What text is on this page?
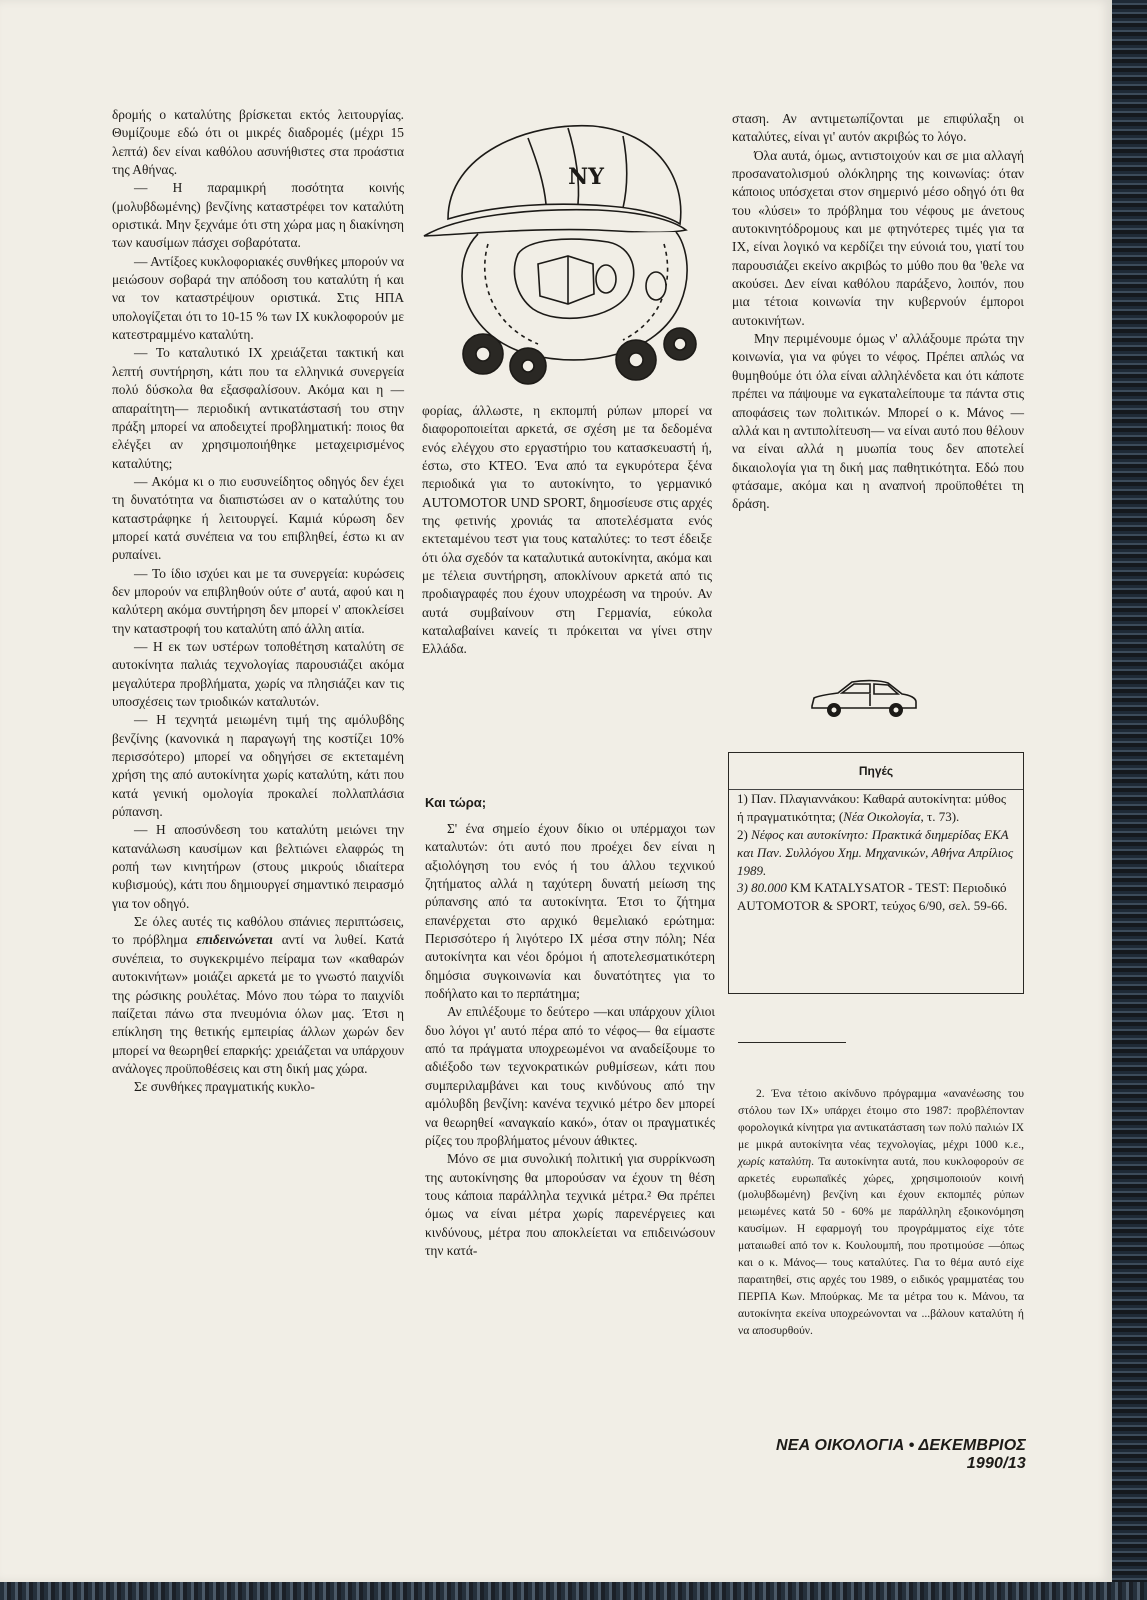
δρομής ο καταλύτης βρίσκεται εκτός λειτουργίας. Θυμίζουμε εδώ ότι οι μικρές διαδρομές (μέχρι 15 λεπτά) δεν είναι καθόλου ασυνήθιστες στα προάστια της Αθήνας.

— Η παραμικρή ποσότητα κοινής (μολυβδωμένης) βενζίνης καταστρέφει τον καταλύτη οριστικά. Μην ξεχνάμε ότι στη χώρα μας η διακίνηση των καυσίμων πάσχει σοβαρότατα.

— Αντίξοες κυκλοφοριακές συνθήκες μπορούν να μειώσουν σοβαρά την απόδοση του καταλύτη ή και να τον καταστρέψουν οριστικά. Στις ΗΠΑ υπολογίζεται ότι το 10-15 % των ΙΧ κυκλοφορούν με κατεστραμμένο καταλύτη.

— Το καταλυτικό ΙΧ χρειάζεται τακτική και λεπτή συντήρηση, κάτι που τα ελληνικά συνεργεία πολύ δύσκολα θα εξασφαλίσουν. Ακόμα και η —απαραίτητη— περιοδική αντικατάστασή του στην πράξη μπορεί να αποδειχτεί προβληματική: ποιος θα ελέγξει αν χρησιμοποιήθηκε μεταχειρισμένος καταλύτης;

— Ακόμα κι ο πιο ευσυνείδητος οδηγός δεν έχει τη δυνατότητα να διαπιστώσει αν ο καταλύτης του καταστράφηκε ή λειτουργεί. Καμιά κύρωση δεν μπορεί κατά συνέπεια να του επιβληθεί, έστω κι αν ρυπαίνει.

— Το ίδιο ισχύει και με τα συνεργεία: κυρώσεις δεν μπορούν να επιβληθούν ούτε σ' αυτά, αφού και η καλύτερη ακόμα συντήρηση δεν μπορεί ν' αποκλείσει την καταστροφή του καταλύτη από άλλη αιτία.

— Η εκ των υστέρων τοποθέτηση καταλύτη σε αυτοκίνητα παλιάς τεχνολογίας παρουσιάζει ακόμα μεγαλύτερα προβλήματα, χωρίς να πλησιάζει καν τις υποσχέσεις των τριοδικών καταλυτών.

— Η τεχνητά μειωμένη τιμή της αμόλυβδης βενζίνης (κανονικά η παραγωγή της κοστίζει 10% περισσότερο) μπορεί να οδηγήσει σε εκτεταμένη χρήση της από αυτοκίνητα χωρίς καταλύτη, κάτι που κατά γενική ομολογία προκαλεί πολλαπλάσια ρύπανση.

— Η αποσύνδεση του καταλύτη μειώνει την κατανάλωση καυσίμων και βελτιώνει ελαφρώς τη ροπή των κινητήρων (στους μικρούς ιδιαίτερα κυβισμούς), κάτι που δημιουργεί σημαντικό πειρασμό για τον οδηγό.

Σε όλες αυτές τις καθόλου σπάνιες περιπτώσεις, το πρόβλημα επιδεινώνεται αντί να λυθεί. Κατά συνέπεια, το συγκεκριμένο πείραμα των «καθαρών αυτοκινήτων» μοιάζει αρκετά με το γνωστό παιχνίδι της ρώσικης ρουλέτας. Μόνο που τώρα το παιχνίδι παίζεται πάνω στα πνευμόνια όλων μας. Έτσι η επίκληση της θετικής εμπειρίας άλλων χωρών δεν μπορεί να θεωρηθεί επαρκής: χρειάζεται να υπάρχουν ανάλογες προϋποθέσεις και στη δική μας χώρα.

Σε συνθήκες πραγματικής κυκλο-

NY

φορίας, άλλωστε, η εκπομπή ρύπων μπορεί να διαφοροποιείται αρκετά, σε σχέση με τα δεδομένα ενός ελέγχου στο εργαστήριο του κατασκευαστή ή, έστω, στο ΚΤΕΟ. Ένα από τα εγκυρότερα ξένα περιοδικά για το αυτοκίνητο, το γερμανικό AUTOMOTOR UND SPORT, δημοσίευσε στις αρχές της φετινής χρονιάς τα αποτελέσματα ενός εκτεταμένου τεστ για τους καταλύτες: το τεστ έδειξε ότι όλα σχεδόν τα καταλυτικά αυτοκίνητα, ακόμα και με τέλεια συντήρηση, αποκλίνουν αρκετά από τις προδιαγραφές που έχουν υποχρέωση να τηρούν. Αν αυτά συμβαίνουν στη Γερμανία, εύκολα καταλαβαίνει κανείς τι πρόκειται να γίνει στην Ελλάδα.

Και τώρα;

Σ' ένα σημείο έχουν δίκιο οι υπέρμαχοι των καταλυτών: ότι αυτό που προέχει δεν είναι η αξιολόγηση του ενός ή του άλλου τεχνικού ζητήματος αλλά η ταχύτερη δυνατή μείωση της ρύπανσης από τα αυτοκίνητα. Έτσι το ζήτημα επανέρχεται στο αρχικό θεμελιακό ερώτημα: Περισσότερο ή λιγότερο ΙΧ μέσα στην πόλη; Νέα αυτοκίνητα και νέοι δρόμοι ή αποτελεσματικότερη δημόσια συγκοινωνία και δυνατότητες για το ποδήλατο και το περπάτημα;

Αν επιλέξουμε το δεύτερο —και υπάρχουν χίλιοι δυο λόγοι γι' αυτό πέρα από το νέφος— θα είμαστε από τα πράγματα υποχρεωμένοι να αναδείξουμε το αδιέξοδο των τεχνοκρατικών ρυθμίσεων, κάτι που συμπεριλαμβάνει και τους κινδύνους από την αμόλυβδη βενζίνη: κανένα τεχνικό μέτρο δεν μπορεί να θεωρηθεί «αναγκαίο κακό», όταν οι πραγματικές ρίζες του προβλήματος μένουν άθικτες.

Μόνο σε μια συνολική πολιτική για συρρίκνωση της αυτοκίνησης θα μπορούσαν να έχουν τη θέση τους κάποια παράλληλα τεχνικά μέτρα.² Θα πρέπει όμως να είναι μέτρα χωρίς παρενέργειες και κινδύνους, μέτρα που αποκλείεται να επιδεινώσουν την κατά-

σταση. Αν αντιμετωπίζονται με επιφύλαξη οι καταλύτες, είναι γι' αυτόν ακριβώς το λόγο.

Όλα αυτά, όμως, αντιστοιχούν και σε μια αλλαγή προσανατολισμού ολόκληρης της κοινωνίας: όταν κάποιος υπόσχεται στον σημερινό μέσο οδηγό ότι θα του «λύσει» το πρόβλημα του νέφους με άνετους αυτοκινητόδρομους και με φτηνότερες τιμές για τα ΙΧ, είναι λογικό να κερδίζει την εύνοιά του, γιατί του παρουσιάζει εκείνο ακριβώς το μύθο που θα 'θελε να ακούσει. Δεν είναι καθόλου παράξενο, λοιπόν, που μια τέτοια κοινωνία την κυβερνούν έμποροι αυτοκινήτων.

Μην περιμένουμε όμως ν' αλλάξουμε πρώτα την κοινωνία, για να φύγει το νέφος. Πρέπει απλώς να θυμηθούμε ότι όλα είναι αλληλένδετα και ότι κάποτε πρέπει να πάψουμε να εγκαταλείπουμε τα πάντα στις αποφάσεις των πολιτικών. Μπορεί ο κ. Μάνος —αλλά και η αντιπολίτευση— να είναι αυτό που θέλουν να είναι αλλά η μυωπία τους δεν αποτελεί δικαιολογία για τη δική μας παθητικότητα. Εδώ που φτάσαμε, ακόμα και η αναπνοή προϋποθέτει τη δράση.

Πηγές

1) Παν. Πλαγιαννάκου: Καθαρά αυτοκίνητα: μύθος ή πραγματικότητα; (Νέα Οικολογία, τ. 73).

2) Νέφος και αυτοκίνητο: Πρακτικά διημερίδας ΕΚΑ και Παν. Συλλόγου Χημ. Μηχανικών, Αθήνα Απρίλιος 1989.

3) 80.000 KM KATALYSATOR - TEST: Περιοδικό AUTOMOTOR & SPORT, τεύχος 6/90, σελ. 59-66.

2. Ένα τέτοιο ακίνδυνο πρόγραμμα «ανανέωσης του στόλου των ΙΧ» υπάρχει έτοιμο στο 1987: προβλέπονταν φορολογικά κίνητρα για αντικατάσταση των πολύ παλιών ΙΧ με μικρά αυτοκίνητα νέας τεχνολογίας, μέχρι 1000 κ.ε., χωρίς καταλύτη. Τα αυτοκίνητα αυτά, που κυκλοφορούν σε αρκετές ευρωπαϊκές χώρες, χρησιμοποιούν κοινή (μολυβδωμένη) βενζίνη και έχουν εκπομπές ρύπων μειωμένες κατά 50 - 60% με παράλληλη εξοικονόμηση καυσίμων. Η εφαρμογή του προγράμματος είχε τότε ματαιωθεί από τον κ. Κουλουμπή, που προτιμούσε —όπως και ο κ. Μάνος— τους καταλύτες. Για το θέμα αυτό είχε παραιτηθεί, στις αρχές του 1989, ο ειδικός γραμματέας του ΠΕΡΠΑ Κων. Μπούρκας. Με τα μέτρα του κ. Μάνου, τα αυτοκίνητα εκείνα υποχρεώνονται να ...βάλουν καταλύτη ή να αποσυρθούν.

ΝΕΑ ΟΙΚΟΛΟΓΙΑ • ΔΕΚΕΜΒΡΙΟΣ 1990/13
